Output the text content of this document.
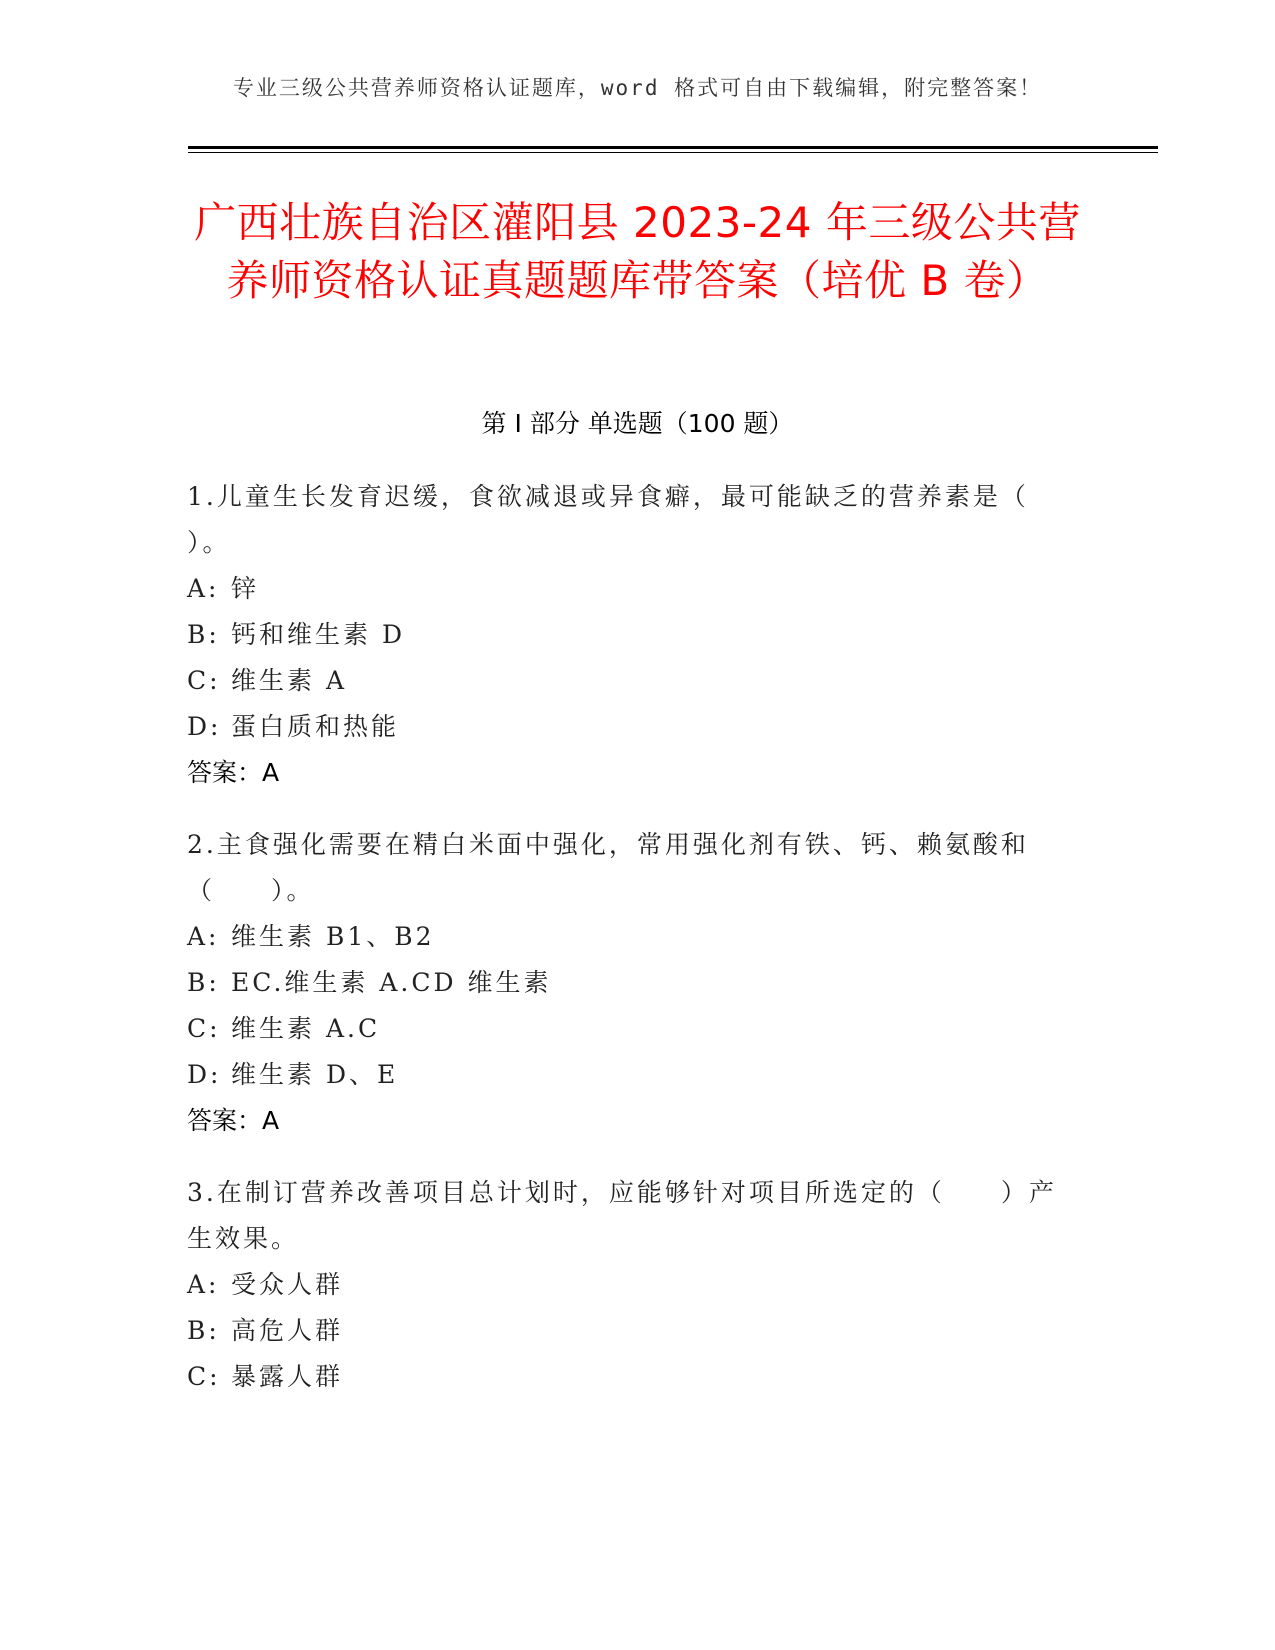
专业三级公共营养师资格认证题库，word 格式可自由下载编辑，附完整答案！
广西壮族自治区灌阳县 2023-24 年三级公共营养师资格认证真题题库带答案（培优 B 卷）
第 I 部分 单选题（100 题）
1.儿童生长发育迟缓，食欲减退或异食癖，最可能缺乏的营养素是（ ）。
A: 锌
B: 钙和维生素 D
C: 维生素 A
D: 蛋白质和热能
答案：A
2.主食强化需要在精白米面中强化，常用强化剂有铁、钙、赖氨酸和（　　）。
A: 维生素 B1、B2
B: EC.维生素 A.CD 维生素
C: 维生素 A.C
D: 维生素 D、E
答案：A
3.在制订营养改善项目总计划时，应能够针对项目所选定的（　　）产生效果。
A: 受众人群
B: 高危人群
C: 暴露人群
